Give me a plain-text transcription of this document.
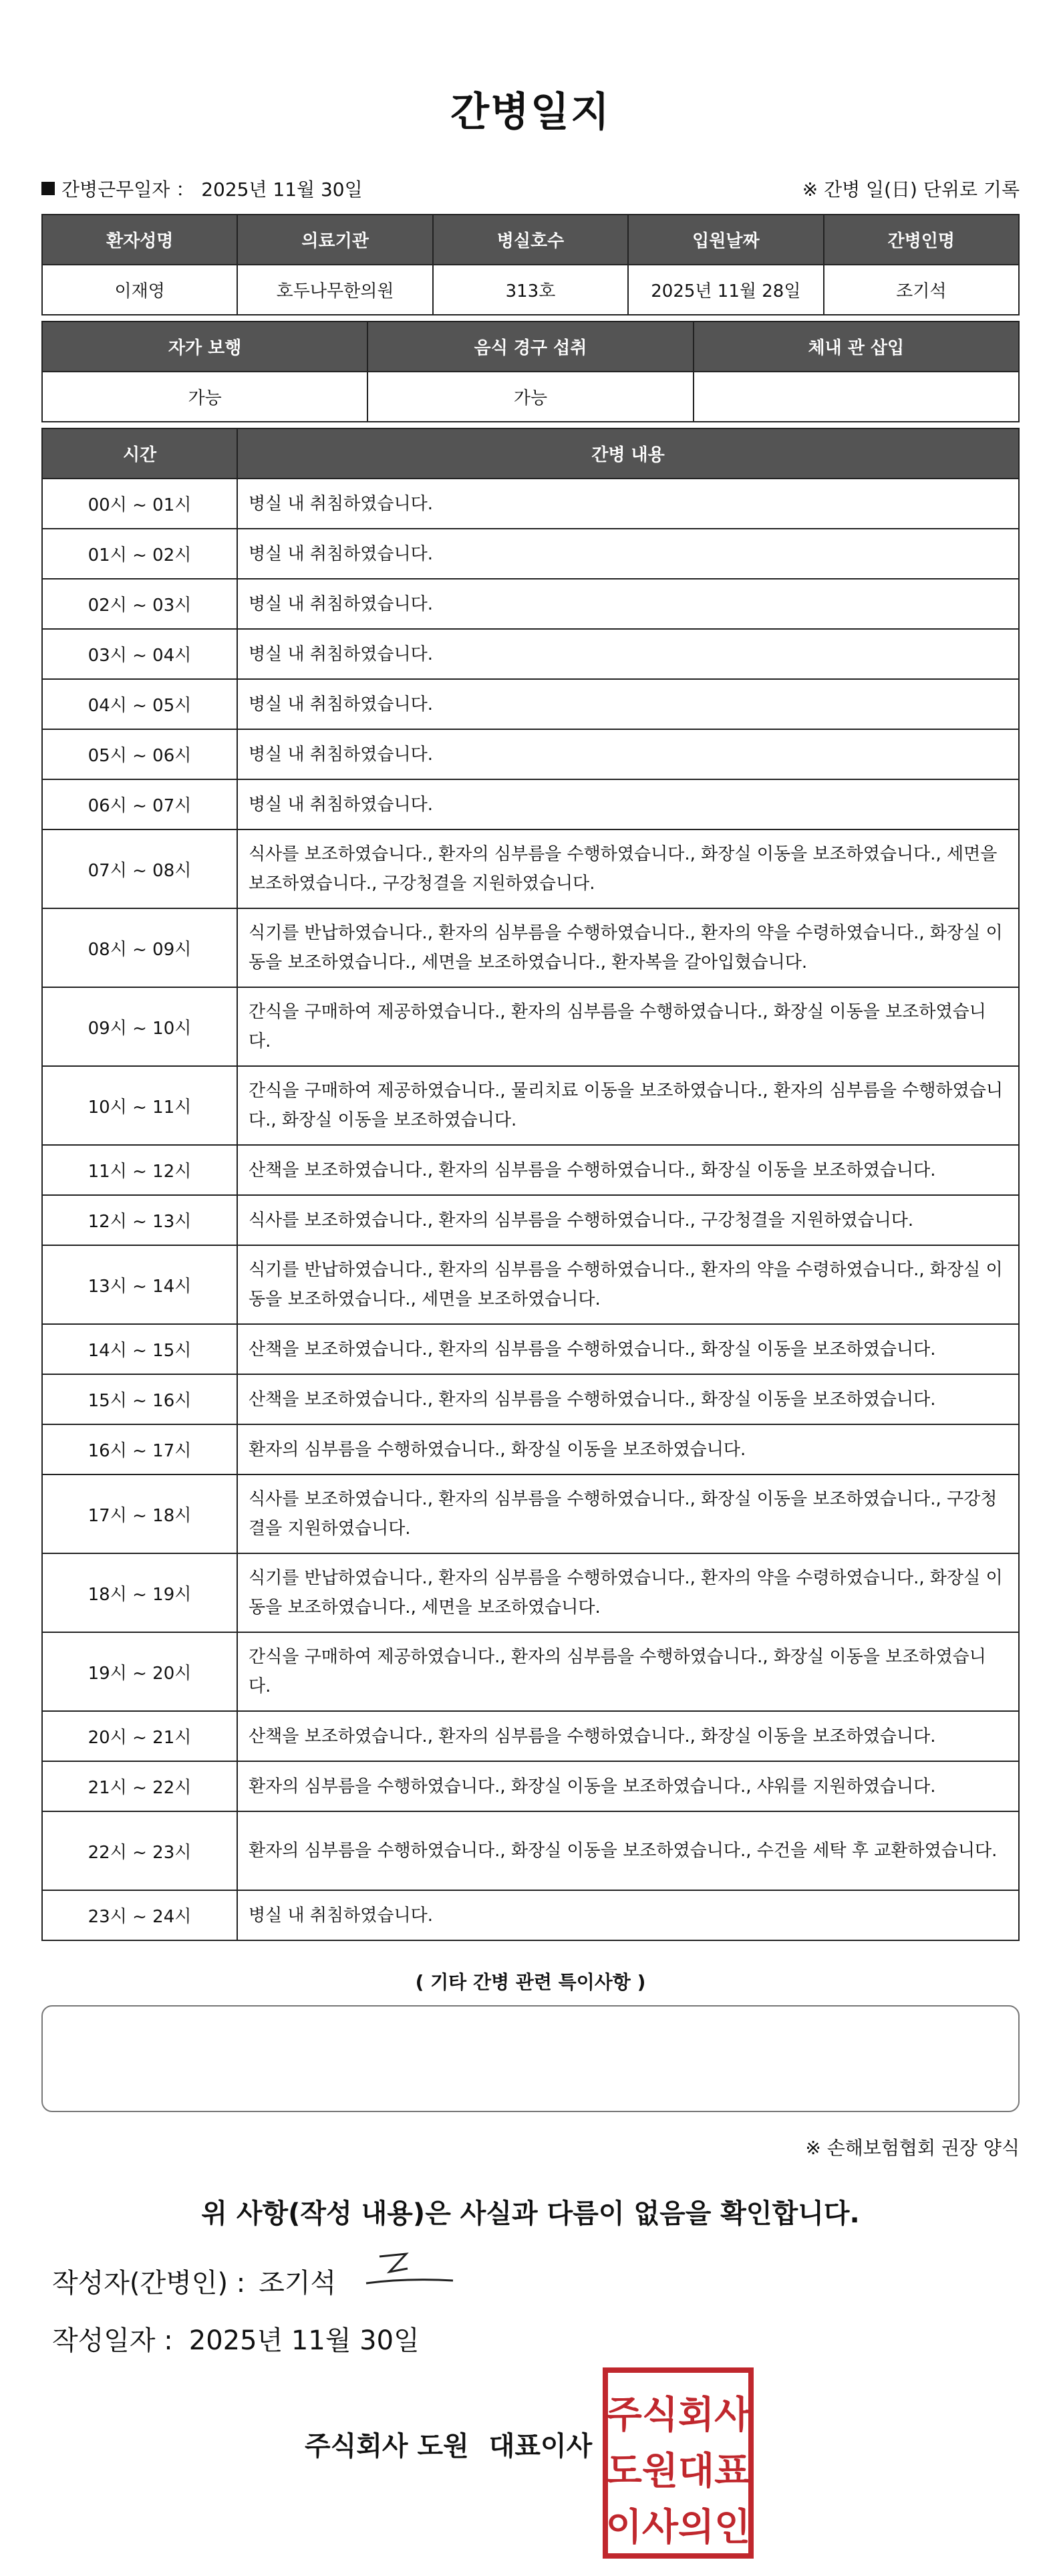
간병일지
간병근무일자 ： 2025년 11월 30일	※ 간병 일(日) 단위로 기록
환자성명	의료기관	병실호수	입원날짜	간병인명
이재영	호두나무한의원	313호	2025년 11월 28일	조기석
자가 보행	음식 경구 섭취	체내 관 삽입
가능	가능	
시간	간병 내용
00시 ~ 01시	병실 내 취침하였습니다.
01시 ~ 02시	병실 내 취침하였습니다.
02시 ~ 03시	병실 내 취침하였습니다.
03시 ~ 04시	병실 내 취침하였습니다.
04시 ~ 05시	병실 내 취침하였습니다.
05시 ~ 06시	병실 내 취침하였습니다.
06시 ~ 07시	병실 내 취침하였습니다.
07시 ~ 08시	식사를 보조하였습니다., 환자의 심부름을 수행하였습니다., 화장실 이동을 보조하였습니다., 세면을 보조하였습니다., 구강청결을 지원하였습니다.
08시 ~ 09시	식기를 반납하였습니다., 환자의 심부름을 수행하였습니다., 환자의 약을 수령하였습니다., 화장실 이동을 보조하였습니다., 세면을 보조하였습니다., 환자복을 갈아입혔습니다.
09시 ~ 10시	간식을 구매하여 제공하였습니다., 환자의 심부름을 수행하였습니다., 화장실 이동을 보조하였습니다.
10시 ~ 11시	간식을 구매하여 제공하였습니다., 물리치료 이동을 보조하였습니다., 환자의 심부름을 수행하였습니다., 화장실 이동을 보조하였습니다.
11시 ~ 12시	산책을 보조하였습니다., 환자의 심부름을 수행하였습니다., 화장실 이동을 보조하였습니다.
12시 ~ 13시	식사를 보조하였습니다., 환자의 심부름을 수행하였습니다., 구강청결을 지원하였습니다.
13시 ~ 14시	식기를 반납하였습니다., 환자의 심부름을 수행하였습니다., 환자의 약을 수령하였습니다., 화장실 이동을 보조하였습니다., 세면을 보조하였습니다.
14시 ~ 15시	산책을 보조하였습니다., 환자의 심부름을 수행하였습니다., 화장실 이동을 보조하였습니다.
15시 ~ 16시	산책을 보조하였습니다., 환자의 심부름을 수행하였습니다., 화장실 이동을 보조하였습니다.
16시 ~ 17시	환자의 심부름을 수행하였습니다., 화장실 이동을 보조하였습니다.
17시 ~ 18시	식사를 보조하였습니다., 환자의 심부름을 수행하였습니다., 화장실 이동을 보조하였습니다., 구강청결을 지원하였습니다.
18시 ~ 19시	식기를 반납하였습니다., 환자의 심부름을 수행하였습니다., 환자의 약을 수령하였습니다., 화장실 이동을 보조하였습니다., 세면을 보조하였습니다.
19시 ~ 20시	간식을 구매하여 제공하였습니다., 환자의 심부름을 수행하였습니다., 화장실 이동을 보조하였습니다.
20시 ~ 21시	산책을 보조하였습니다., 환자의 심부름을 수행하였습니다., 화장실 이동을 보조하였습니다.
21시 ~ 22시	환자의 심부름을 수행하였습니다., 화장실 이동을 보조하였습니다., 샤워를 지원하였습니다.
22시 ~ 23시	환자의 심부름을 수행하였습니다., 화장실 이동을 보조하였습니다., 수건을 세탁 후 교환하였습니다.
23시 ~ 24시	병실 내 취침하였습니다.
( 기타 간병 관련 특이사항 )
※ 손해보험협회 권장 양식
위 사항(작성 내용)은 사실과 다름이 없음을 확인합니다.
작성자(간병인) : 조기석
작성일자 : 2025년 11월 30일
주식회사 도원 대표이사
주식회사
도원대표
이사의인
